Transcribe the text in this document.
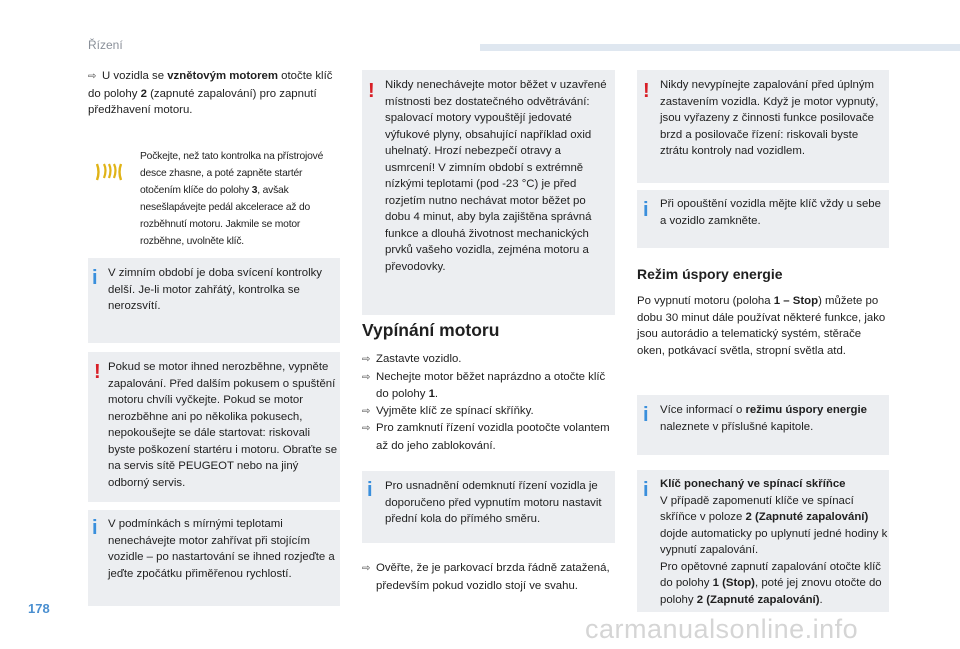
Řízení
⇨ U vozidla se vznětovým motorem otočte klíč do polohy 2 (zapnuté zapalování) pro zapnutí předžhavení motoru.
Počkejte, než tato kontrolka na přístrojové desce zhasne, a poté zapněte startér otočením klíče do polohy 3, avšak nesešlapávejte pedál akcelerace až do rozběhnutí motoru. Jakmile se motor rozběhne, uvolněte klíč.
i V zimním období je doba svícení kontrolky delší. Je-li motor zahřátý, kontrolka se nerozsvítí.
! Pokud se motor ihned nerozběhne, vypněte zapalování. Před dalším pokusem o spuštění motoru chvíli vyčkejte. Pokud se motor nerozběhne ani po několika pokusech, nepokoušejte se dále startovat: riskovali byste poškození startéru i motoru. Obraťte se na servis sítě PEUGEOT nebo na jiný odborný servis.
i V podmínkách s mírnými teplotami nenechávejte motor zahřívat při stojícím vozidle – po nastartování se ihned rozjeďte a jeďte zpočátku přiměřenou rychlostí.
! Nikdy nenechávejte motor běžet v uzavřené místnosti bez dostatečného odvětrávání: spalovací motory vypouštějí jedovaté výfukové plyny, obsahující například oxid uhelnatý. Hrozí nebezpečí otravy a usmrcení! V zimním období s extrémně nízkými teplotami (pod -23 °C) je před rozjetím nutno nechávat motor běžet po dobu 4 minut, aby byla zajištěna správná funkce a dlouhá životnost mechanických prvků vašeho vozidla, zejména motoru a převodovky.
Vypínání motoru
⇨ Zastavte vozidlo.
⇨ Nechejte motor běžet naprázdno a otočte klíč do polohy 1.
⇨ Vyjměte klíč ze spínací skříňky.
⇨ Pro zamknutí řízení vozidla pootočte volantem až do jeho zablokování.
i Pro usnadnění odemknutí řízení vozidla je doporučeno před vypnutím motoru nastavit přední kola do přímého směru.
⇨ Ověřte, že je parkovací brzda řádně zatažená, především pokud vozidlo stojí ve svahu.
! Nikdy nevypínejte zapalování před úplným zastavením vozidla. Když je motor vypnutý, jsou vyřazeny z činnosti funkce posilovače brzd a posilovače řízení: riskovali byste ztrátu kontroly nad vozidlem.
i Při opouštění vozidla mějte klíč vždy u sebe a vozidlo zamkněte.
Režim úspory energie
Po vypnutí motoru (poloha 1 – Stop) můžete po dobu 30 minut dále používat některé funkce, jako jsou autorádio a telematický systém, stěrače oken, potkávací světla, stropní světla atd.
i Více informací o režimu úspory energie naleznete v příslušné kapitole.
i Klíč ponechaný ve spínací skříňce
V případě zapomenutí klíče ve spínací skříňce v poloze 2 (Zapnuté zapalování) dojde automaticky po uplynutí jedné hodiny k vypnutí zapalování.
Pro opětovné zapnutí zapalování otočte klíč do polohy 1 (Stop), poté jej znovu otočte do polohy 2 (Zapnuté zapalování).
178
carmanualsonline.info
